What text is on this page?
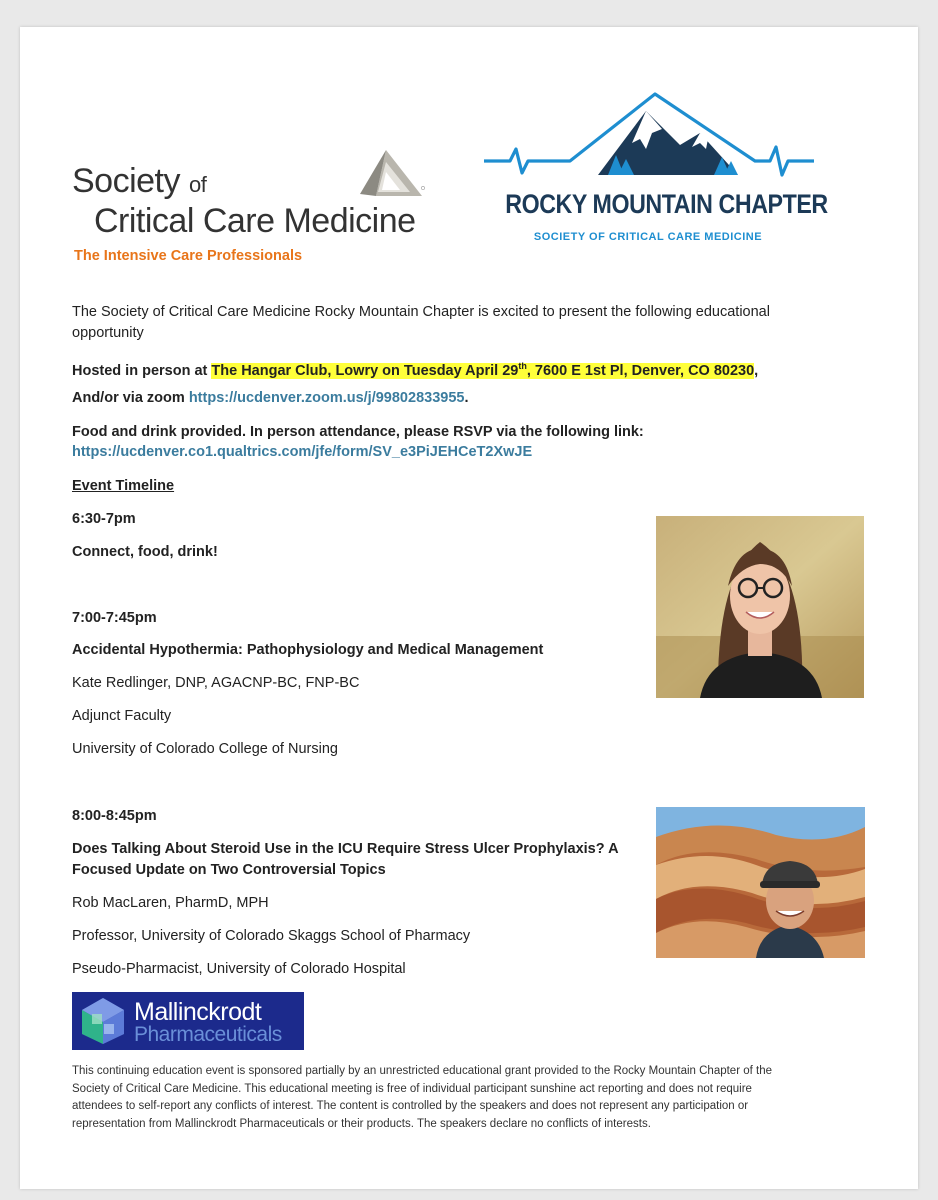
Society of
Critical Care Medicine
The Intensive Care Professionals
ROCKY MOUNTAIN CHAPTER
SOCIETY OF CRITICAL CARE MEDICINE
The Society of Critical Care Medicine Rocky Mountain Chapter is excited to present the following educational
opportunity
Hosted in person at The Hangar Club, Lowry on Tuesday April 29th, 7600 E 1st Pl, Denver, CO 80230,
And/or via zoom https://ucdenver.zoom.us/j/99802833955.
Food and drink provided. In person attendance, please RSVP via the following link:
https://ucdenver.co1.qualtrics.com/jfe/form/SV_e3PiJEHCeT2XwJE
Event Timeline
6:30-7pm
Connect, food, drink!
7:00-7:45pm
Accidental Hypothermia: Pathophysiology and Medical Management
Kate Redlinger, DNP, AGACNP-BC, FNP-BC
Adjunct Faculty
University of Colorado College of Nursing
8:00-8:45pm
Does Talking About Steroid Use in the ICU Require Stress Ulcer Prophylaxis? A
Focused Update on Two Controversial Topics
Rob MacLaren, PharmD, MPH
Professor, University of Colorado Skaggs School of Pharmacy
Pseudo-Pharmacist, University of Colorado Hospital
Mallinckrodt
Pharmaceuticals
This continuing education event is sponsored partially by an unrestricted educational grant provided to the Rocky Mountain Chapter of the
Society of Critical Care Medicine. This educational meeting is free of individual participant sunshine act reporting and does not require
attendees to self-report any conflicts of interest. The content is controlled by the speakers and does not represent any participation or
representation from Mallinckrodt Pharmaceuticals or their products. The speakers declare no conflicts of interests.
